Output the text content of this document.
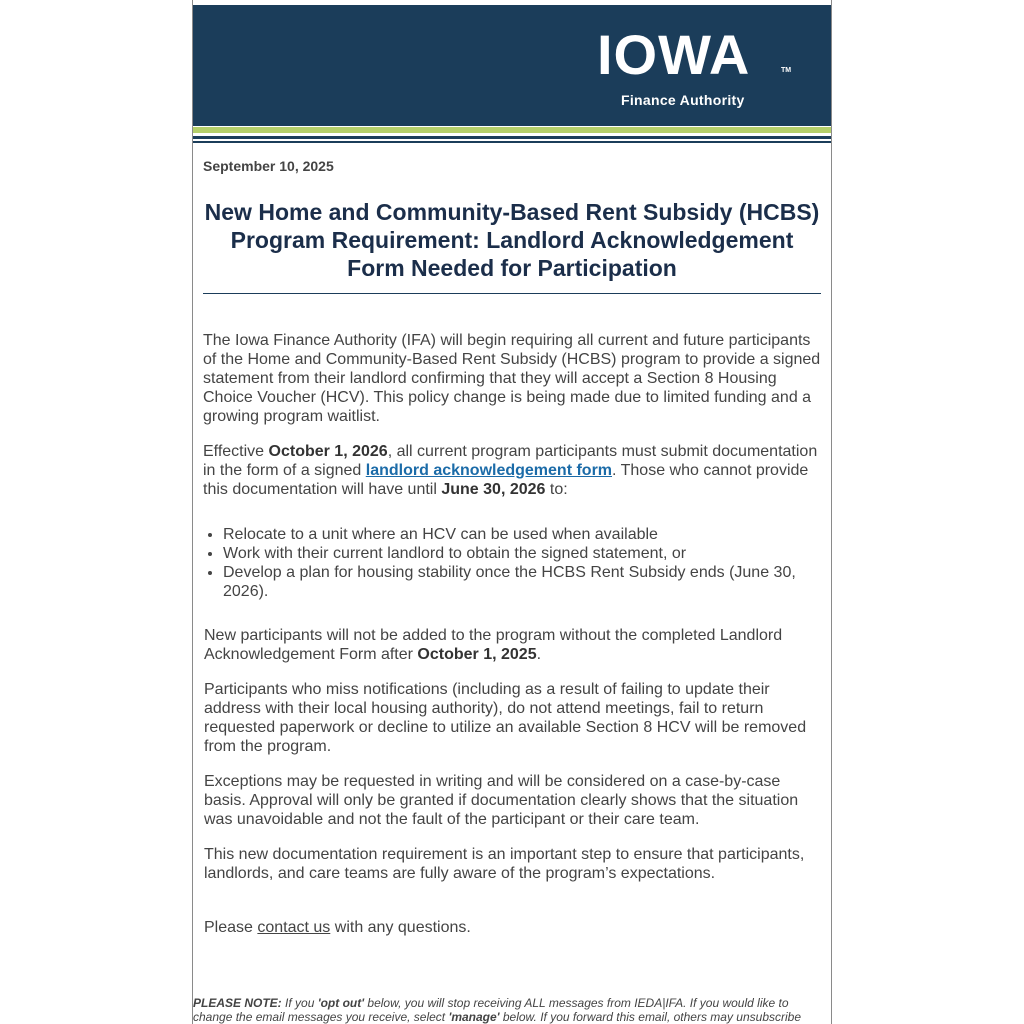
IOWA	TM
Finance Authority
September 10, 2025
New Home and Community-Based Rent Subsidy (HCBS) Program Requirement: Landlord Acknowledgement Form Needed for Participation

The Iowa Finance Authority (IFA) will begin requiring all current and future participants of the Home and Community-Based Rent Subsidy (HCBS) program to provide a signed statement from their landlord confirming that they will accept a Section 8 Housing Choice Voucher (HCV). This policy change is being made due to limited funding and a growing program waitlist.

Effective October 1, 2026, all current program participants must submit documentation in the form of a signed landlord acknowledgement form. Those who cannot provide this documentation will have until June 30, 2026 to:

• Relocate to a unit where an HCV can be used when available
• Work with their current landlord to obtain the signed statement, or
• Develop a plan for housing stability once the HCBS Rent Subsidy ends (June 30, 2026).

New participants will not be added to the program without the completed Landlord Acknowledgement Form after October 1, 2025.

Participants who miss notifications (including as a result of failing to update their address with their local housing authority), do not attend meetings, fail to return requested paperwork or decline to utilize an available Section 8 HCV will be removed from the program.

Exceptions may be requested in writing and will be considered on a case-by-case basis. Approval will only be granted if documentation clearly shows that the situation was unavoidable and not the fault of the participant or their care team.

This new documentation requirement is an important step to ensure that participants, landlords, and care teams are fully aware of the program’s expectations.

Please contact us with any questions.

PLEASE NOTE: If you 'opt out' below, you will stop receiving ALL messages from IEDA|IFA. If you would like to change the email messages you receive, select 'manage' below. If you forward this email, others may unsubscribe
